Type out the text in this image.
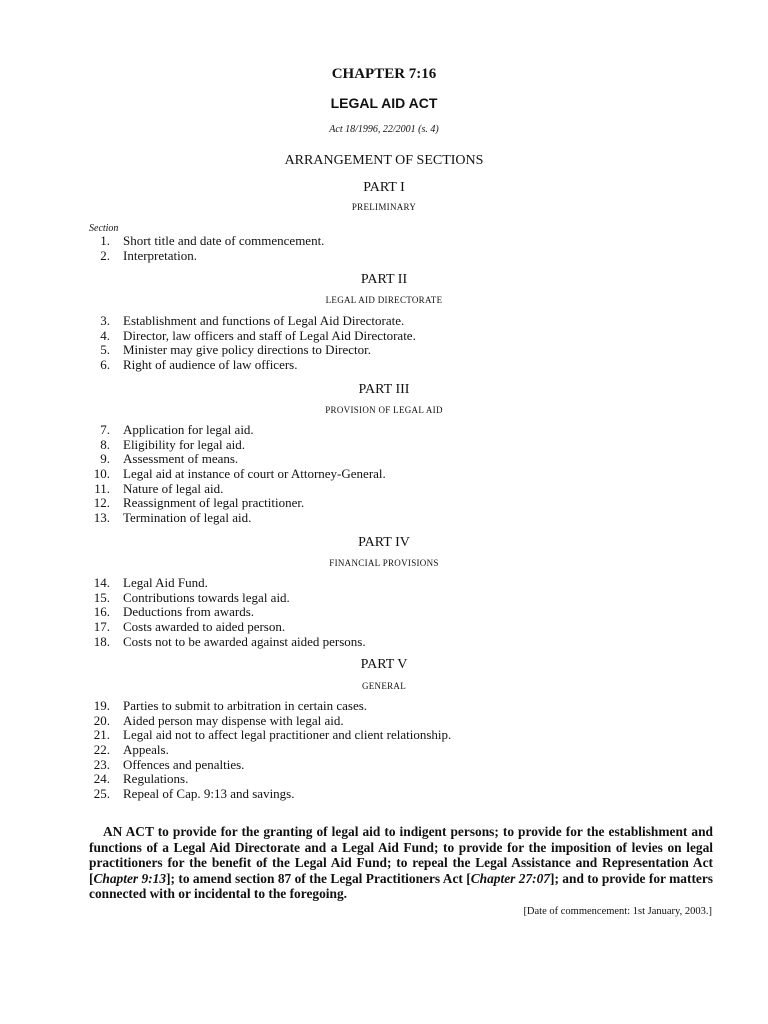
CHAPTER 7:16
LEGAL AID ACT
Act 18/1996, 22/2001 (s. 4)
ARRANGEMENT OF SECTIONS
PART I
PRELIMINARY
Section
1. Short title and date of commencement.
2. Interpretation.
PART II
LEGAL AID DIRECTORATE
3. Establishment and functions of Legal Aid Directorate.
4. Director, law officers and staff of Legal Aid Directorate.
5. Minister may give policy directions to Director.
6. Right of audience of law officers.
PART III
PROVISION OF LEGAL AID
7. Application for legal aid.
8. Eligibility for legal aid.
9. Assessment of means.
10. Legal aid at instance of court or Attorney-General.
11. Nature of legal aid.
12. Reassignment of legal practitioner.
13. Termination of legal aid.
PART IV
FINANCIAL PROVISIONS
14. Legal Aid Fund.
15. Contributions towards legal aid.
16. Deductions from awards.
17. Costs awarded to aided person.
18. Costs not to be awarded against aided persons.
PART V
GENERAL
19. Parties to submit to arbitration in certain cases.
20. Aided person may dispense with legal aid.
21. Legal aid not to affect legal practitioner and client relationship.
22. Appeals.
23. Offences and penalties.
24. Regulations.
25. Repeal of Cap. 9:13 and savings.
AN ACT to provide for the granting of legal aid to indigent persons; to provide for the establishment and functions of a Legal Aid Directorate and a Legal Aid Fund; to provide for the imposition of levies on legal practitioners for the benefit of the Legal Aid Fund; to repeal the Legal Assistance and Representation Act [Chapter 9:13]; to amend section 87 of the Legal Practitioners Act [Chapter 27:07]; and to provide for matters connected with or incidental to the foregoing.
[Date of commencement: 1st January, 2003.]
